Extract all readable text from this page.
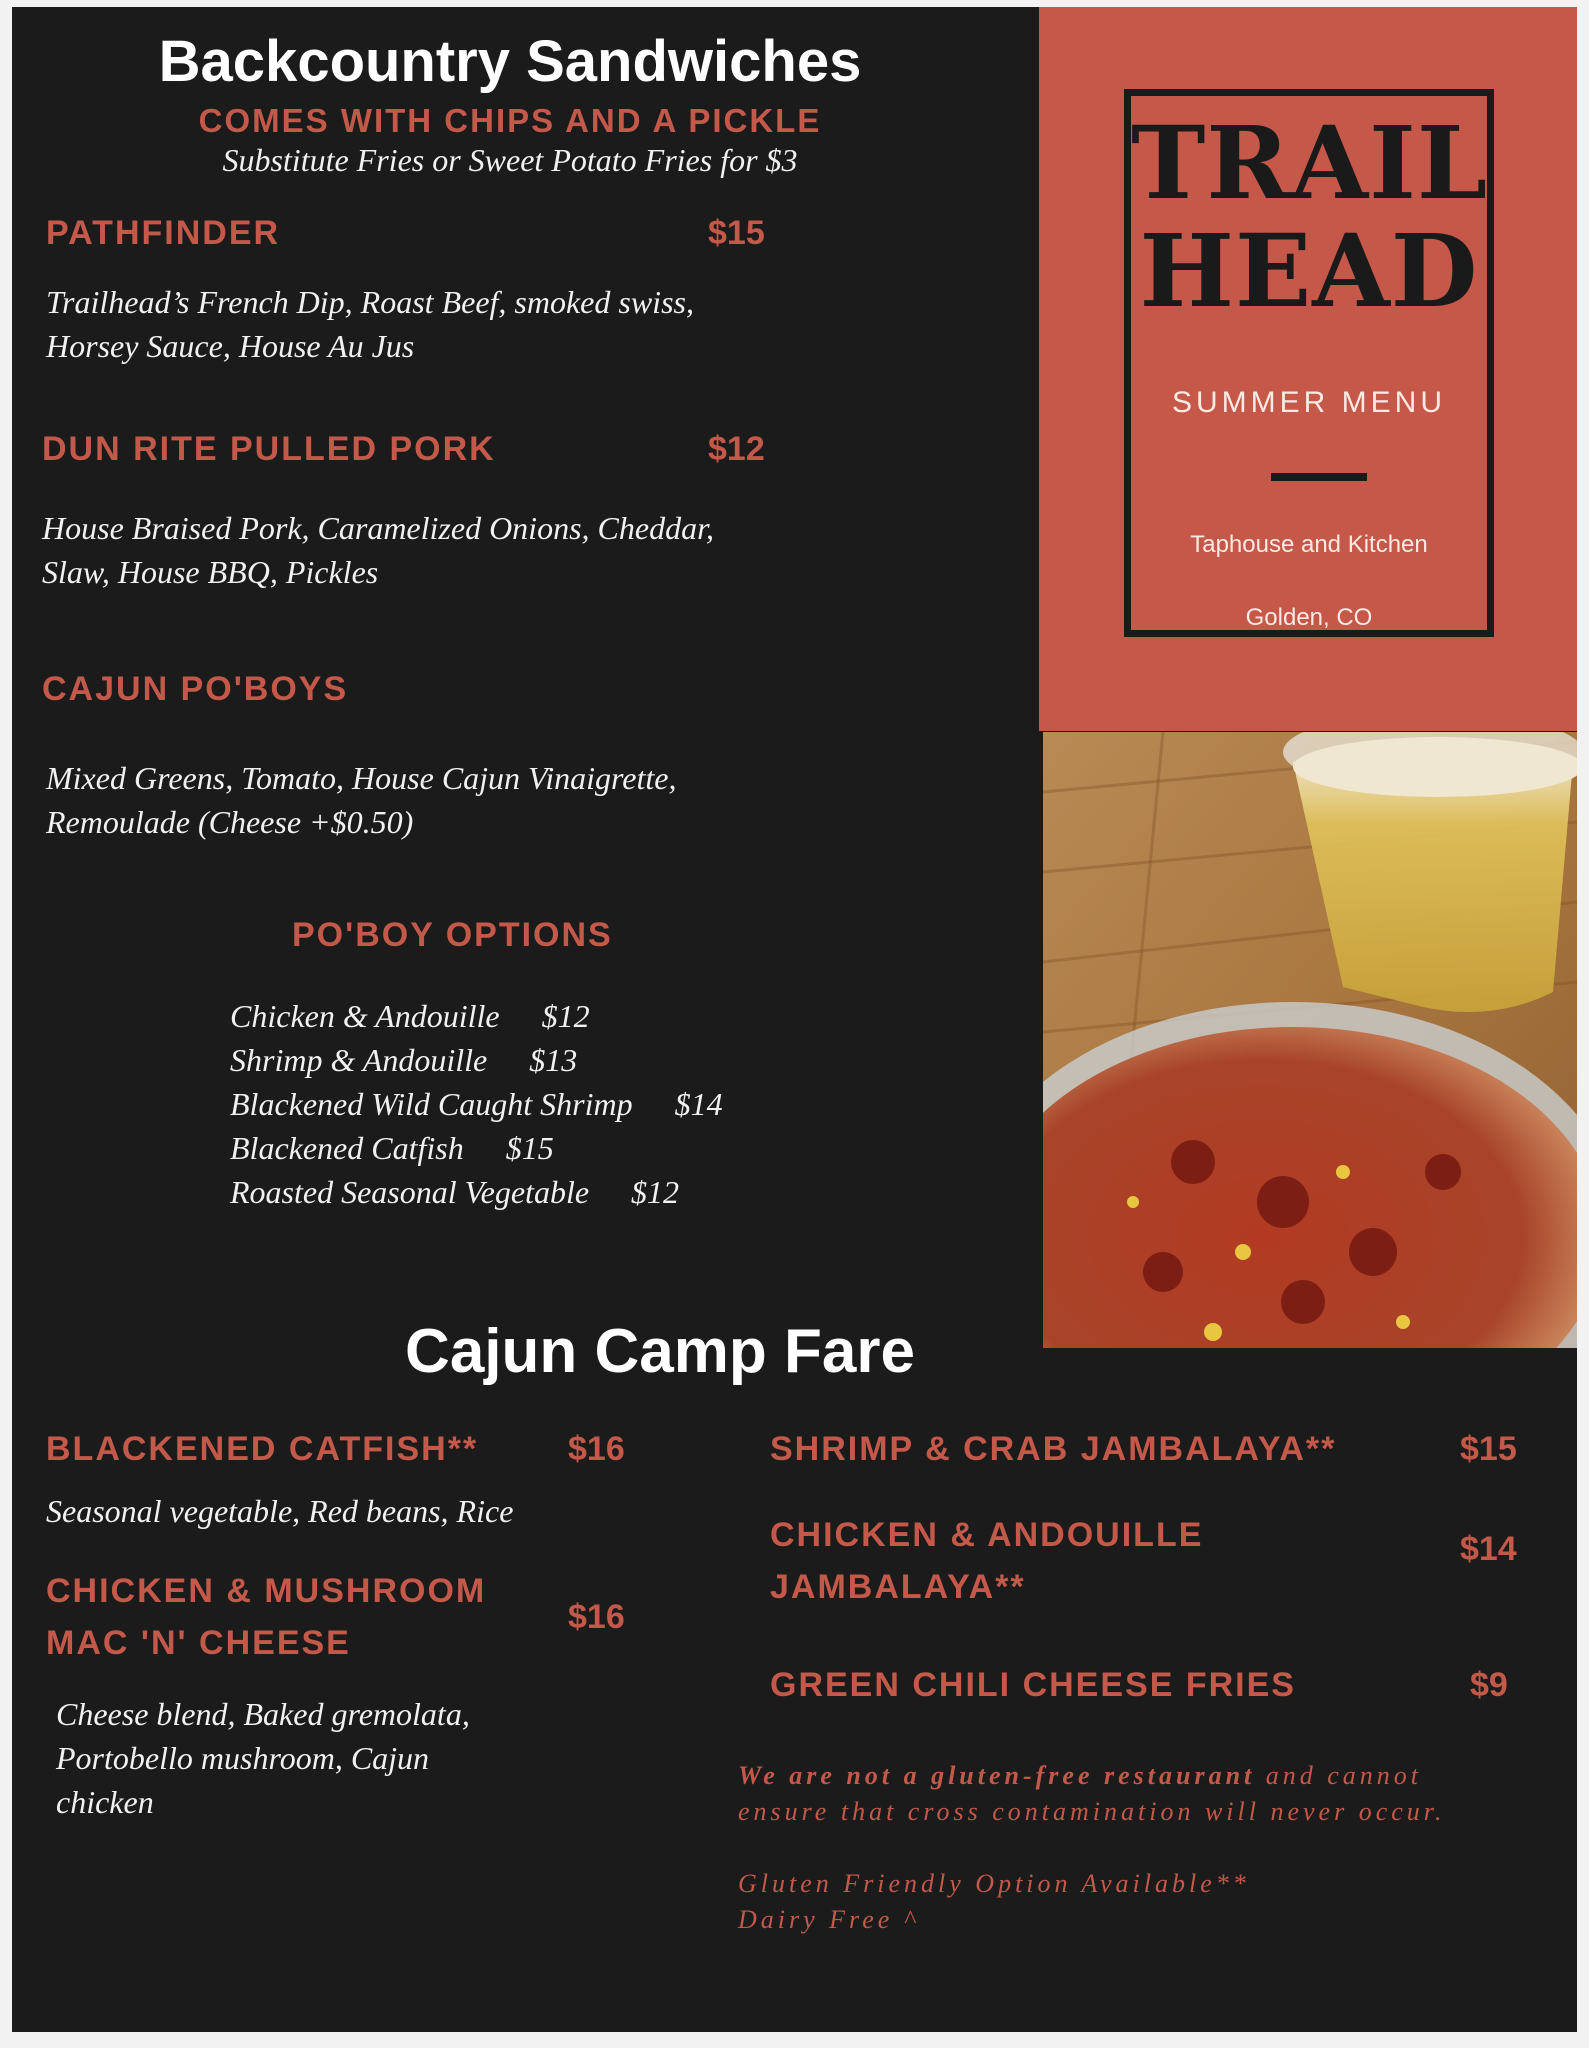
Backcountry Sandwiches
COMES WITH CHIPS AND A PICKLE
Substitute Fries or Sweet Potato Fries for $3
PATHFINDER	$15
Trailhead’s French Dip, Roast Beef, smoked swiss,
Horsey Sauce, House Au Jus
DUN RITE PULLED PORK	$12
House Braised Pork, Caramelized Onions, Cheddar,
Slaw, House BBQ, Pickles
CAJUN PO'BOYS
Mixed Greens, Tomato, House Cajun Vinaigrette,
Remoulade (Cheese +$0.50)
PO'BOY OPTIONS
Chicken & Andouille $12
Shrimp & Andouille $13
Blackened Wild Caught Shrimp $14
Blackened Catfish $15
Roasted Seasonal Vegetable $12
TRAIL
HEAD
SUMMER MENU
Taphouse and Kitchen
Golden, CO
Cajun Camp Fare
BLACKENED CATFISH**	$16
Seasonal vegetable, Red beans, Rice
CHICKEN & MUSHROOM
MAC 'N' CHEESE
$16
Cheese blend, Baked gremolata,
Portobello mushroom, Cajun
chicken
SHRIMP & CRAB JAMBALAYA**	$15
CHICKEN & ANDOUILLE
JAMBALAYA**
$14
GREEN CHILI CHEESE FRIES	$9
We are not a gluten-free restaurant and cannot
ensure that cross contamination will never occur.
Gluten Friendly Option Available**
Dairy Free ^
